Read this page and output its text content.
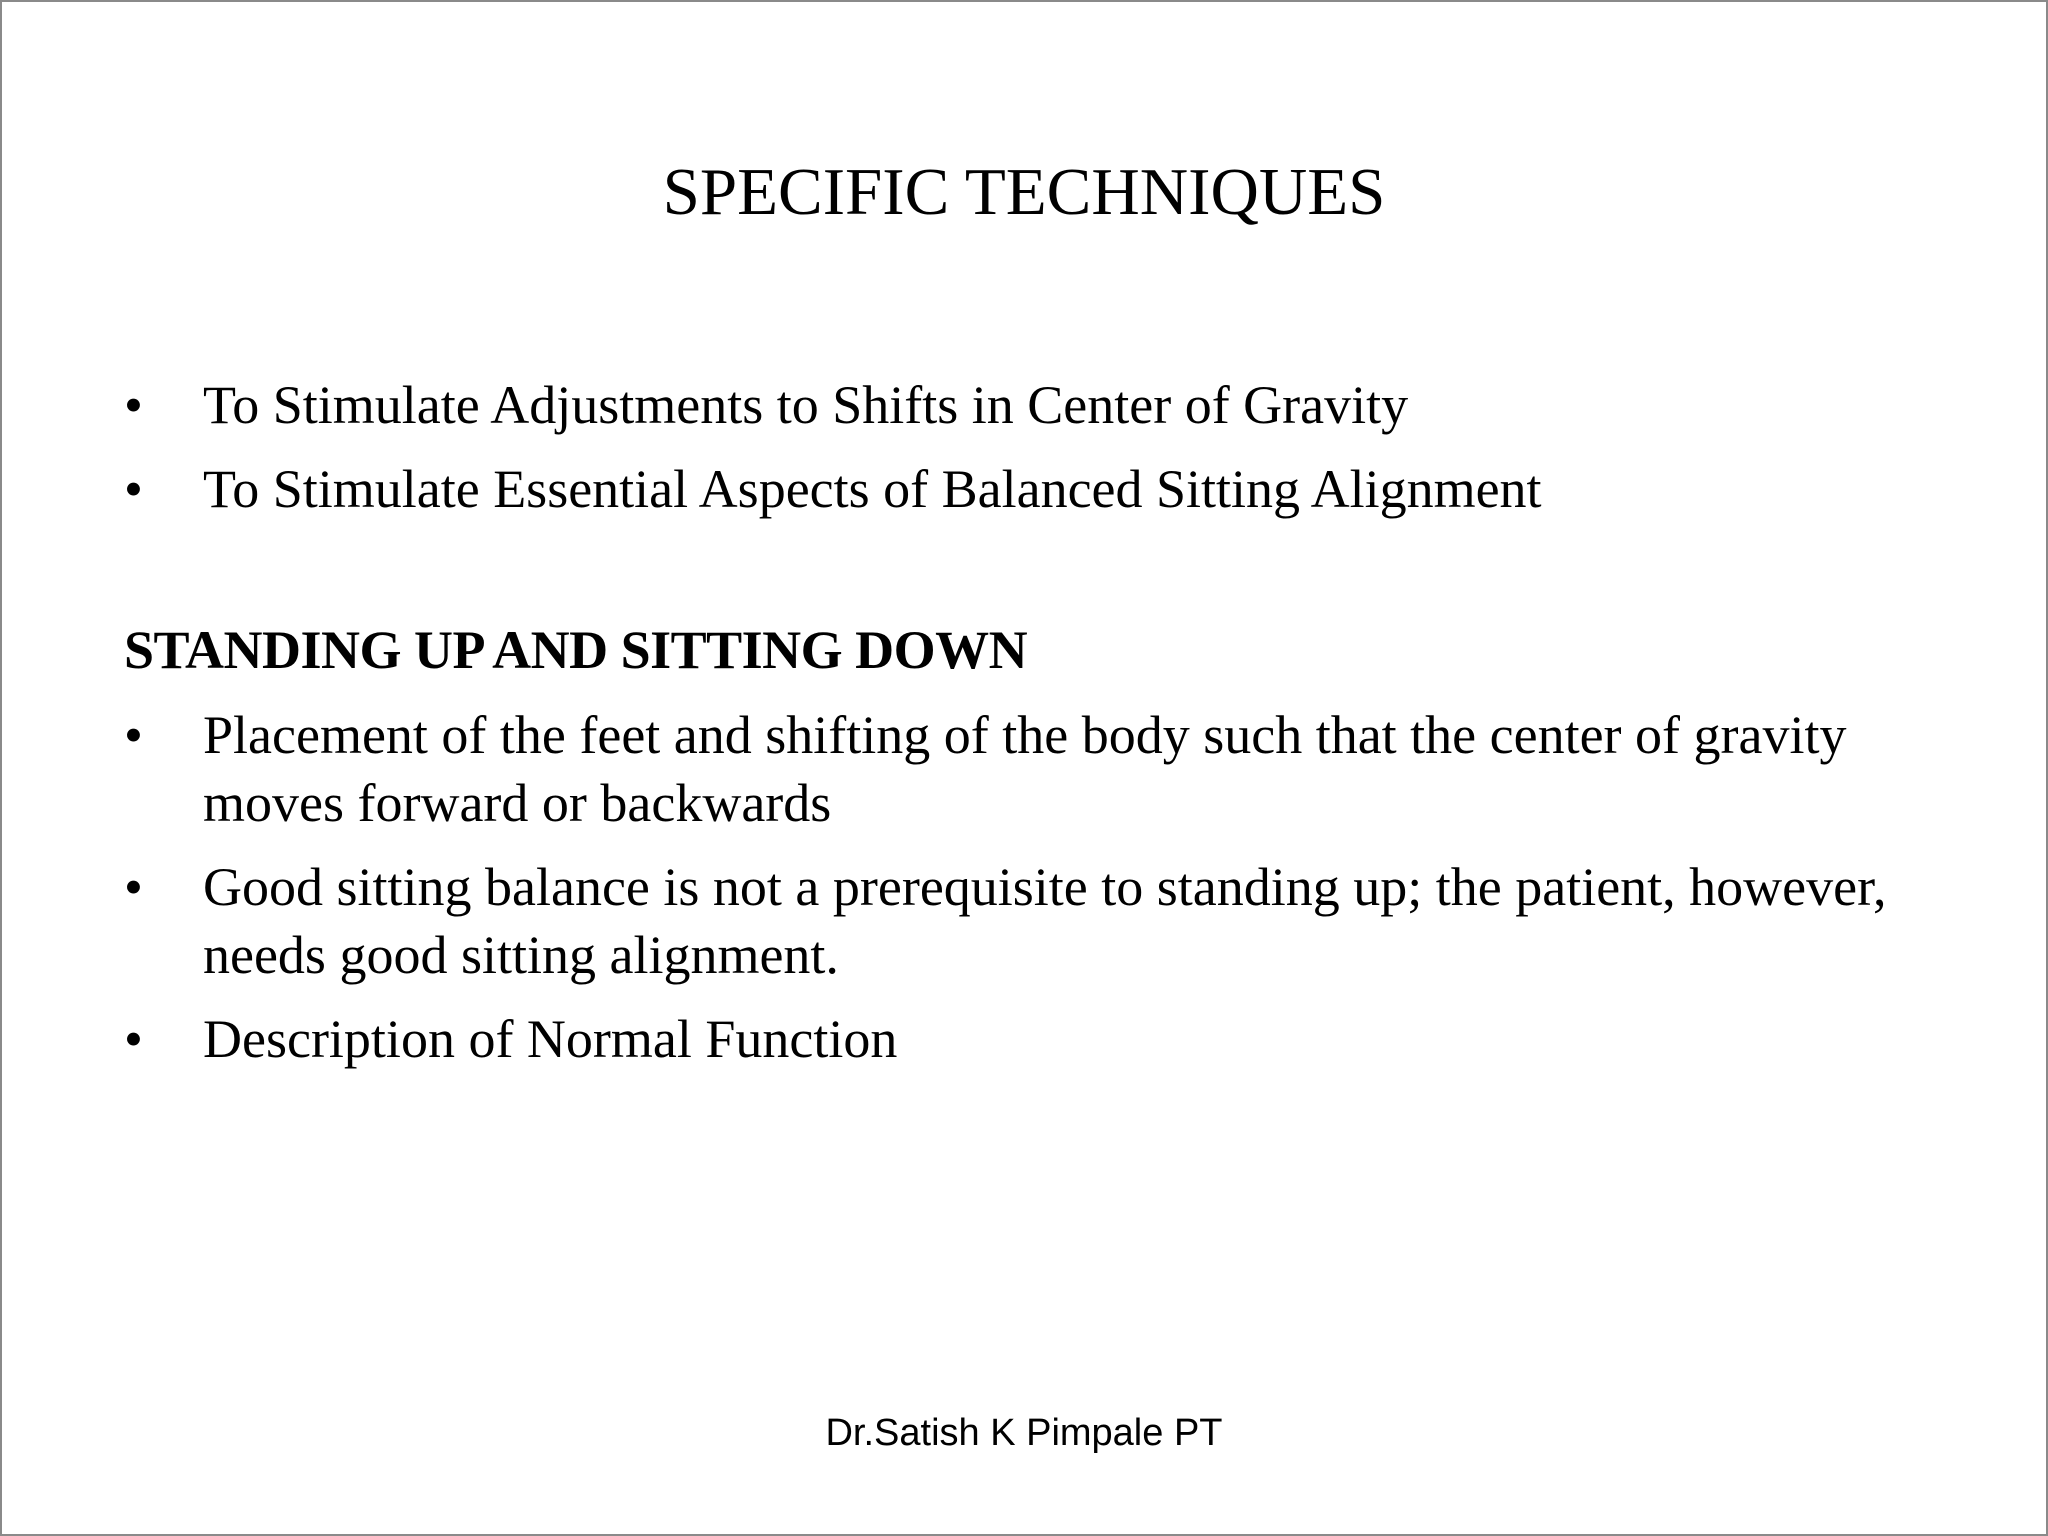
SPECIFIC TECHNIQUES
• To Stimulate Adjustments to Shifts in Center of Gravity
• To Stimulate Essential Aspects of Balanced Sitting Alignment
STANDING UP AND SITTING DOWN
• Placement of the feet and shifting of the body such that the center of gravity moves forward or backwards
• Good sitting balance is not a prerequisite to standing up; the patient, however, needs good sitting alignment.
• Description of Normal Function
Dr.Satish K Pimpale PT
